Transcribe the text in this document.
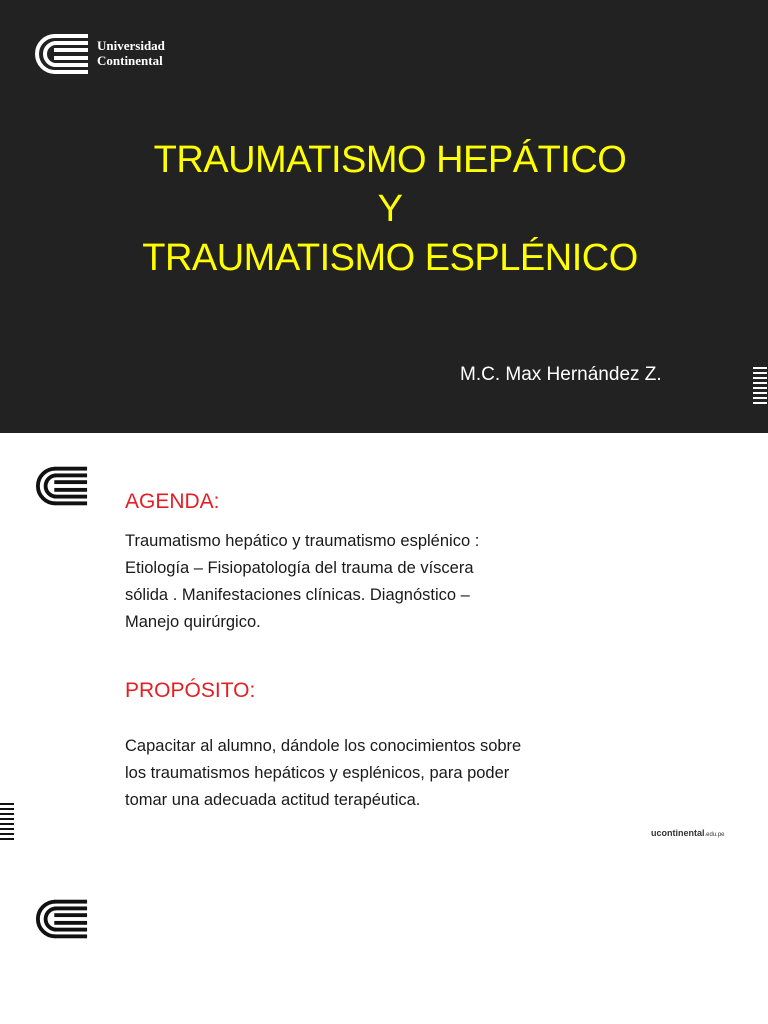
Universidad
Continental
TRAUMATISMO HEPÁTICO
Y
TRAUMATISMO ESPLÉNICO
M.C. Max Hernández Z.
AGENDA:
Traumatismo hepático y traumatismo esplénico :
Etiología – Fisiopatología del trauma de víscera
sólida . Manifestaciones clínicas. Diagnóstico –
Manejo quirúrgico.
PROPÓSITO:
Capacitar al alumno, dándole los conocimientos sobre
los traumatismos hepáticos y esplénicos, para poder
tomar una adecuada actitud terapéutica.
ucontinental.edu.pe
